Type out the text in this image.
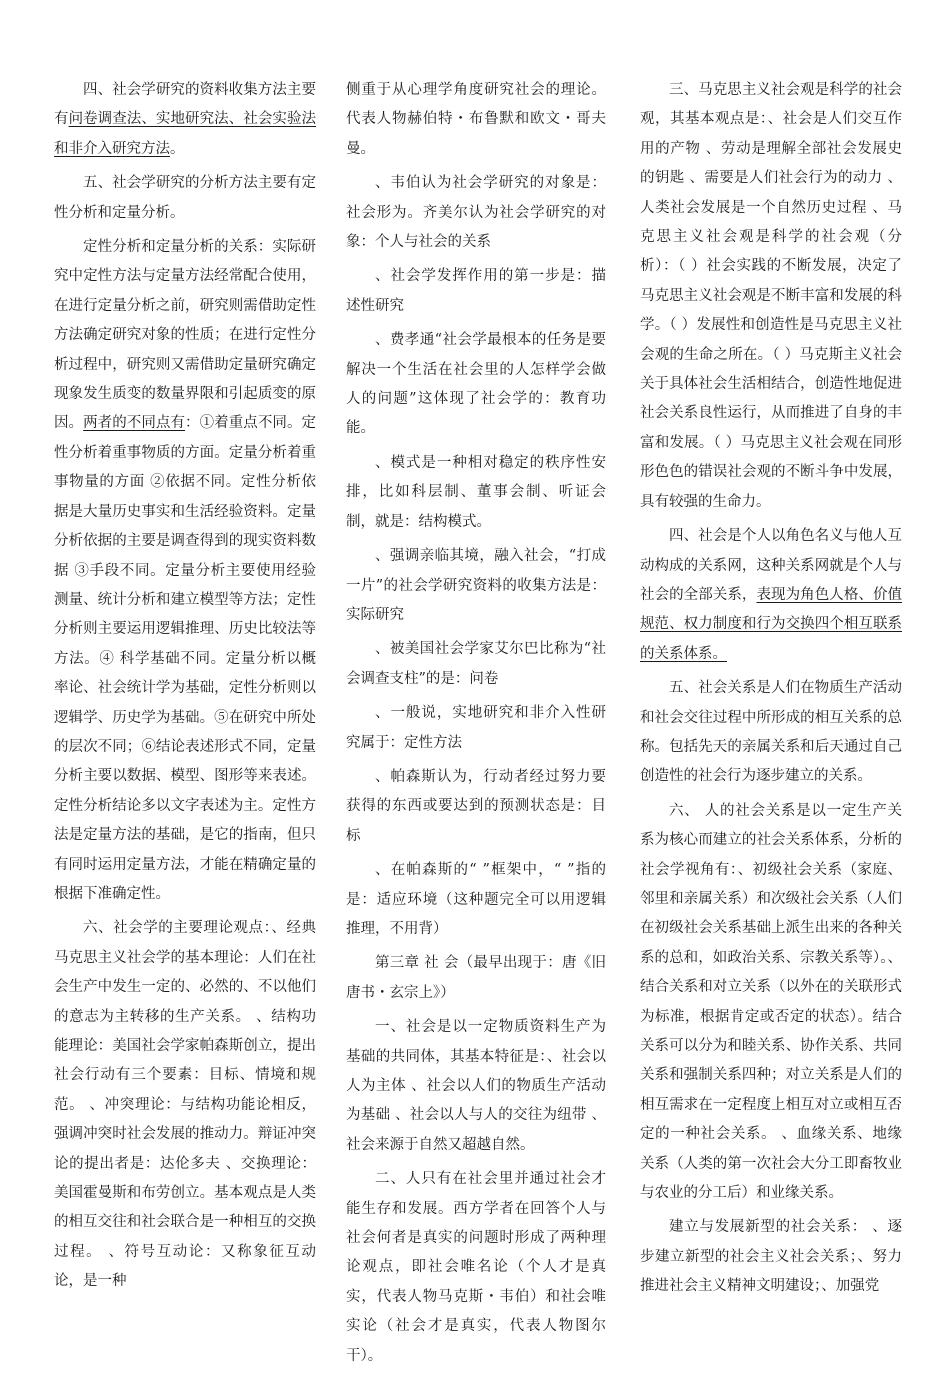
四、社会学研究的资料收集方法主要有问卷调查法、实地研究法、社会实验法和非介入研究方法。

五、社会学研究的分析方法主要有定性分析和定量分析。

定性分析和定量分析的关系：实际研究中定性方法与定量方法经常配合使用，在进行定量分析之前，研究则需借助定性方法确定研究对象的性质；在进行定性分析过程中，研究则又需借助定量研究确定现象发生质变的数量界限和引起质变的原因。两者的不同点有：①着重点不同。定性分析着重事物质的方面。定量分析着重事物量的方面 ②依据不同。定性分析依据是大量历史事实和生活经验资料。定量分析依据的主要是调查得到的现实资料数据 ③手段不同。定量分析主要使用经验测量、统计分析和建立模型等方法；定性分析则主要运用逻辑推理、历史比较法等方法。④ 科学基础不同。定量分析以概率论、社会统计学为基础，定性分析则以逻辑学、历史学为基础。⑤在研究中所处的层次不同；⑥结论表述形式不同，定量分析主要以数据、模型、图形等来表述。定性分析结论多以文字表述为主。定性方法是定量方法的基础，是它的指南，但只有同时运用定量方法，才能在精确定量的根据下准确定性。

六、社会学的主要理论观点：、经典马克思主义社会学的基本理论：人们在社会生产中发生一定的、必然的、不以他们的意志为主转移的生产关系。 、结构功能理论：美国社会学家帕森斯创立，提出社会行动有三个要素：目标、情境和规范。 、冲突理论：与结构功能论相反，强调冲突时社会发展的推动力。辩证冲突论的提出者是：达伦多夫 、交换理论：美国霍曼斯和布劳创立。基本观点是人类的相互交往和社会联合是一种相互的交换过程。 、符号互动论：又称象征互动论，是一种

侧重于从心理学角度研究社会的理论。代表人物赫伯特・布鲁默和欧文・哥夫曼。

、韦伯认为社会学研究的对象是：社会形为。齐美尔认为社会学研究的对象：个人与社会的关系

、社会学发挥作用的第一步是：描述性研究

、费孝通“社会学最根本的任务是要解决一个生活在社会里的人怎样学会做人的问题”这体现了社会学的：教育功能。

、模式是一种相对稳定的秩序性安排，比如科层制、董事会制、听证会制，就是：结构模式。

、强调亲临其境，融入社会，“打成一片”的社会学研究资料的收集方法是：实际研究

、被美国社会学家艾尔巴比称为“社会调查支柱”的是：问卷

、一般说，实地研究和非介入性研究属于：定性方法

、帕森斯认为，行动者经过努力要获得的东西或要达到的预测状态是：目标

、在帕森斯的“ ”框架中，“ ”指的是：适应环境（这种题完全可以用逻辑推理，不用背）

第三章 社 会（最早出现于：唐《旧唐书・玄宗上》）

一、社会是以一定物质资料生产为基础的共同体，其基本特征是：、社会以人为主体 、社会以人们的物质生产活动为基础 、社会以人与人的交往为纽带 、社会来源于自然又超越自然。

二、人只有在社会里并通过社会才能生存和发展。西方学者在回答个人与社会何者是真实的问题时形成了两种理论观点，即社会唯名论（个人才是真实，代表人物马克斯・韦伯）和社会唯实论（社会才是真实，代表人物图尔干）。

三、马克思主义社会观是科学的社会观，其基本观点是：、社会是人们交互作用的产物 、劳动是理解全部社会发展史的钥匙 、需要是人们社会行为的动力 、人类社会发展是一个自然历史过程 、马克思主义社会观是科学的社会观（分析）：（ ）社会实践的不断发展，决定了马克思主义社会观是不断丰富和发展的科学。（ ）发展性和创造性是马克思主义社会观的生命之所在。（ ）马克斯主义社会关于具体社会生活相结合，创造性地促进社会关系良性运行，从而推进了自身的丰富和发展。（ ）马克思主义社会观在同形形色色的错误社会观的不断斗争中发展，具有较强的生命力。

四、社会是个人以角色名义与他人互动构成的关系网，这种关系网就是个人与社会的全部关系，表现为角色人格、价值规范、权力制度和行为交换四个相互联系的关系体系。

五、社会关系是人们在物质生产活动和社会交往过程中所形成的相互关系的总称。包括先天的亲属关系和后天通过自己创造性的社会行为逐步建立的关系。

六、 人的社会关系是以一定生产关系为核心而建立的社会关系体系，分析的社会学视角有：、初级社会关系（家庭、邻里和亲属关系）和次级社会关系（人们在初级社会关系基础上派生出来的各种关系的总和，如政治关系、宗教关系等）。、结合关系和对立关系（以外在的关联形式为标准，根据肯定或否定的状态）。结合关系可以分为和睦关系、协作关系、共同关系和强制关系四种；对立关系是人们的相互需求在一定程度上相互对立或相互否定的一种社会关系。 、血缘关系、地缘关系（人类的第一次社会大分工即畜牧业与农业的分工后）和业缘关系。

建立与发展新型的社会关系： 、逐步建立新型的社会主义社会关系；、努力推进社会主义精神文明建设；、加强党
